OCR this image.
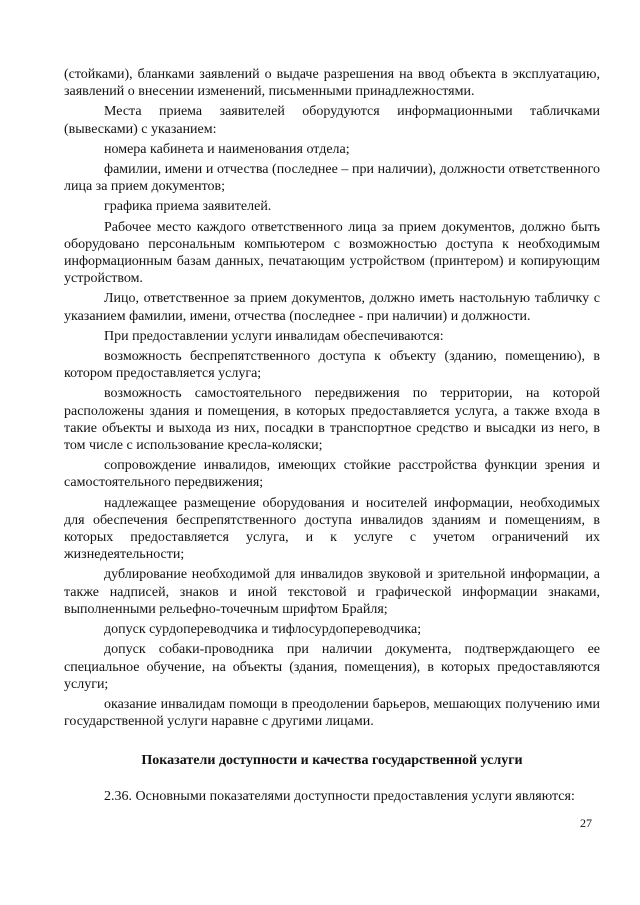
(стойками), бланками заявлений о выдаче разрешения на ввод объекта в эксплуатацию, заявлений о внесении изменений, письменными принадлежностями.

Места приема заявителей оборудуются информационными табличками (вывесками) с указанием:

номера кабинета и наименования отдела;

фамилии, имени и отчества (последнее – при наличии), должности ответственного лица за прием документов;

графика приема заявителей.

Рабочее место каждого ответственного лица за прием документов, должно быть оборудовано персональным компьютером с возможностью доступа к необходимым информационным базам данных, печатающим устройством (принтером) и копирующим устройством.

Лицо, ответственное за прием документов, должно иметь настольную табличку с указанием фамилии, имени, отчества (последнее - при наличии) и должности.

При предоставлении услуги инвалидам обеспечиваются:

возможность беспрепятственного доступа к объекту (зданию, помещению), в котором предоставляется услуга;

возможность самостоятельного передвижения по территории, на которой расположены здания и помещения, в которых предоставляется услуга, а также входа в такие объекты и выхода из них, посадки в транспортное средство и высадки из него, в том числе с использование кресла-коляски;

сопровождение инвалидов, имеющих стойкие расстройства функции зрения и самостоятельного передвижения;

надлежащее размещение оборудования и носителей информации, необходимых для обеспечения беспрепятственного доступа инвалидов зданиям и помещениям, в которых предоставляется услуга, и к услуге с учетом ограничений их жизнедеятельности;

дублирование необходимой для инвалидов звуковой и зрительной информации, а также надписей, знаков и иной текстовой и графической информации знаками, выполненными рельефно-точечным шрифтом Брайля;

допуск сурдопереводчика и тифлосурдопереводчика;

допуск собаки-проводника при наличии документа, подтверждающего ее специальное обучение, на объекты (здания, помещения), в которых предоставляются услуги;

оказание инвалидам помощи в преодолении барьеров, мешающих получению ими государственной услуги наравне с другими лицами.

Показатели доступности и качества государственной услуги

2.36. Основными показателями доступности предоставления услуги являются:

27
